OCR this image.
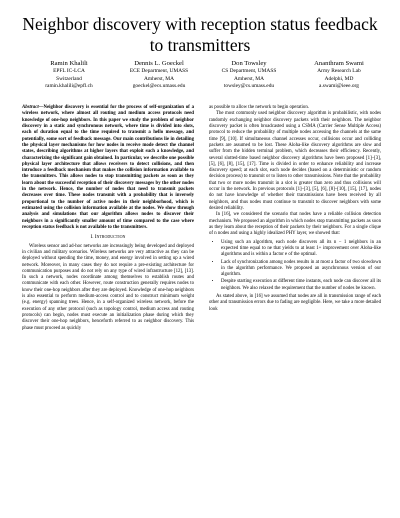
Neighbor discovery with reception status feedback to transmitters
Ramin Khalili
EPFL IC-LCA
Switzerland
ramin.khalili@epfl.ch
Dennis L. Goeckel
ECE Department, UMASS
Amherst, MA
goeckel@ecs.umass.edu
Don Towsley
CS Department, UMASS
Amherst, MA
towsley@cs.umass.edu
Ananthram Swami
Army Research Lab
Adelphi, MD
a.swami@ieee.org

Abstract—Neighbor discovery is essential for the process of self-organization of a wireless network, where almost all routing and medium access protocols need knowledge of one-hop neighbors. In this paper we study the problem of neighbor discovery in a static and synchronous network, where time is divided into slots, each of duration equal to the time required to transmit a hello message, and potentially, some sort of feedback message. Our main contributions lie in detailing the physical layer mechanisms for how nodes in receive mode detect the channel states, describing algorithms at higher layers that exploit such a knowledge, and characterizing the significant gain obtained. In particular, we describe one possible physical layer architecture that allows receivers to detect collisions, and then introduce a feedback mechanism that makes the collision information available to the transmitters. This allows nodes to stop transmitting packets as soon as they learn about the successful reception of their discovery messages by the other nodes in the network. Hence, the number of nodes that need to transmit packets decreases over time. These nodes transmit with a probability that is inversely proportional to the number of active nodes in their neighborhood, which is estimated using the collision information available at the nodes. We show through analysis and simulations that our algorithm allows nodes to discover their neighbors in a significantly smaller amount of time compared to the case where reception status feedback is not available to the transmitters.

I. Introduction

Wireless sensor and ad-hoc networks are increasingly being developed and deployed in civilian and military scenarios. Wireless networks are very attractive as they can be deployed without spending the time, money, and energy involved in setting up a wired network. Moreover, in many cases they do not require a pre-existing architecture for communication purposes and do not rely on any type of wired infrastructure [12], [13]. In such a network, nodes coordinate among themselves to establish routes and communicate with each other. However, route construction generally requires nodes to know their one-hop neighbors after they are deployed. Knowledge of one-hop neighbors is also essential to perform medium-access control and to construct minimum weight (e.g. energy) spanning trees. Hence, in a self-organized wireless network, before the execution of any other protocol (such as topology control, medium access and routing protocols) can begin, nodes must execute an initialization phase during which they discover their one-hop neighbors, henceforth referred to as neighbor discovery. This phase must proceed as quickly

as possible to allow the network to begin operation.

The most commonly used neighbor discovery algorithm is probabilistic, with nodes randomly exchanging neighbor discovery packets with their neighbors. The neighbor discovery packet is often broadcasted using a CSMA (Carrier Sense Multiple Access) protocol to reduce the probability of multiple nodes accessing the channels at the same time [9], [10]. If simultaneous channel accesses occur, collisions occur and colliding packets are assumed to be lost. These Aloha-like discovery algorithms are slow and suffer from the hidden terminal problem, which decreases their efficiency. Recently, several slotted-time based neighbor discovery algorithms have been proposed [1]–[3], [5], [6], [8], [15], [17]. Time is divided in order to enhance reliability and increase discovery speed; at each slot, each node decides (based on a deterministic or random decision process) to transmit or to listen to other transmissions. Note that the probability that two or more nodes transmit in a slot is greater than zero and thus collisions will occur in the network. In previous protocols [1]–[3], [5], [6], [8]–[10], [15], [17], nodes do not have knowledge of whether their transmissions have been received by all neighbors, and thus nodes must continue to transmit to discover neighbors with some desired reliability.

In [16], we considered the scenario that nodes have a reliable collision detection mechanism. We proposed an algorithm in which nodes stop transmitting packets as soon as they learn about the reception of their packets by their neighbors. For a single clique of n nodes and using a highly idealized PHY layer, we showed that:

• Using such an algorithm, each node discovers all its n − 1 neighbors in an expected time equal to ne that yields to at least 1+ improvement over Aloha-like algorithms and is within a factor e of the optimal.
• Lack of synchronization among nodes results in at most a factor of two slowdown in the algorithm performance. We proposed an asynchronous version of our algorithm.
• Despite starting execution at different time instants, each node can discover all its neighbors. We also relaxed the requirement that the number of nodes be known.

As stated above, in [16] we assumed that nodes are all in transmission range of each other and transmission errors due to fading are negligible. Here, we take a more detailed look
